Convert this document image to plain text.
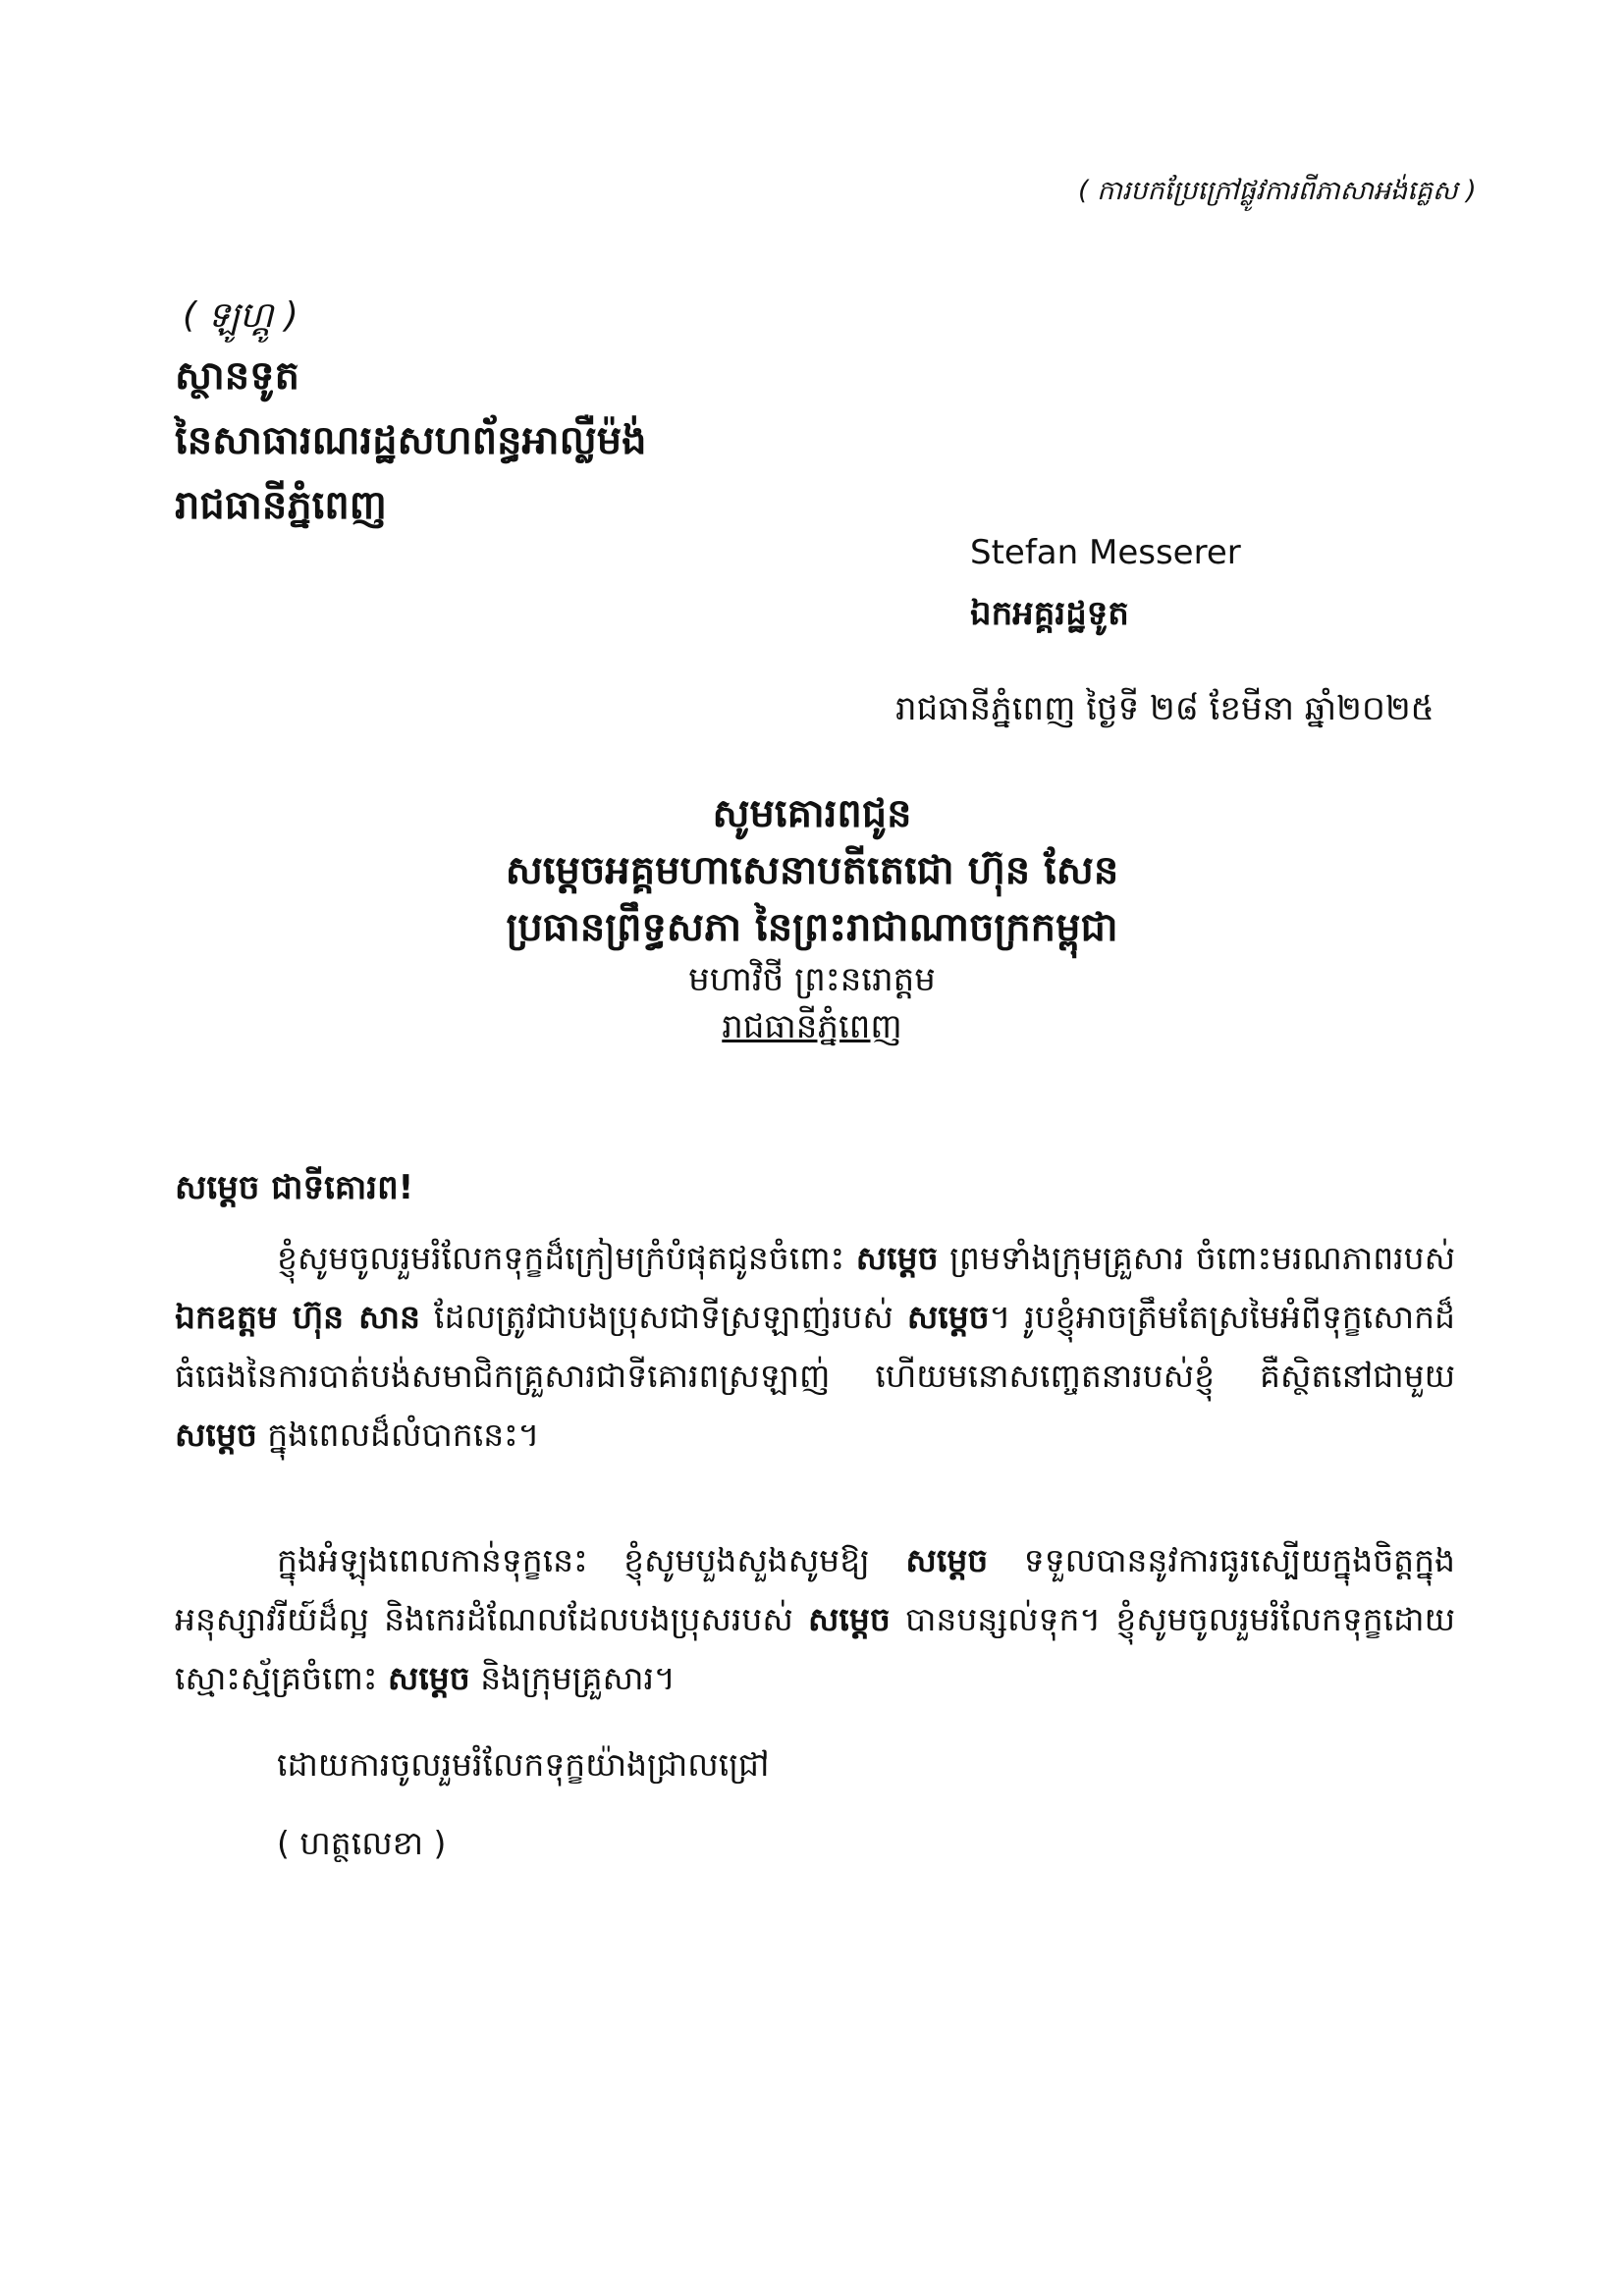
( ការបកប្រែក្រៅផ្លូវការពីភាសាអង់គ្លេស )
( ឡូហ្គូ )
ស្ថានទូត
នៃសាធារណរដ្ឋសហព័ន្ធអាល្លឺម៉ង់
រាជធានីភ្នំពេញ
Stefan Messerer
ឯកអគ្គរដ្ឋទូត
រាជធានីភ្នំពេញ ថ្ងៃទី ២៨ ខែមីនា ឆ្នាំ២០២៥
សូមគោរពជូន
សម្ដេចអគ្គមហាសេនាបតីតេជោ ហ៊ុន សែន
ប្រធានព្រឹទ្ធសភា នៃព្រះរាជាណាចក្រកម្ពុជា
មហាវិថី ព្រះនរោត្តម
រាជធានីភ្នំពេញ
សម្ដេច ជាទីគោរព!
ខ្ញុំសូមចូលរួមរំលែកទុក្ខដ៏ក្រៀមក្រំបំផុតជូនចំពោះ សម្ដេច ព្រមទាំងក្រុមគ្រួសារ ចំពោះមរណភាពរបស់ ឯកឧត្តម ហ៊ុន សាន ដែលត្រូវជាបងប្រុសជាទីស្រឡាញ់របស់ សម្ដេច។ រូបខ្ញុំអាចត្រឹមតែស្រមៃអំពីទុក្ខសោកដ៏ធំធេងនៃការបាត់បង់សមាជិកគ្រួសារជាទីគោរពស្រឡាញ់ ហើយមនោសញ្ចេតនារបស់ខ្ញុំ គឺស្ថិតនៅជាមួយ សម្ដេច ក្នុងពេលដ៏លំបាកនេះ។
ក្នុងអំឡុងពេលកាន់ទុក្ខនេះ ខ្ញុំសូមបួងសួងសូមឱ្យ សម្ដេច ទទួលបាននូវការធូរស្បើយក្នុងចិត្តក្នុងអនុស្សាវរីយ៍ដ៏ល្អ និងកេរដំណែលដែលបងប្រុសរបស់ សម្ដេច បានបន្សល់ទុក។ ខ្ញុំសូមចូលរួមរំលែកទុក្ខដោយស្មោះស្ម័គ្រចំពោះ សម្ដេច និងក្រុមគ្រួសារ។
ដោយការចូលរួមរំលែកទុក្ខយ៉ាងជ្រាលជ្រៅ
( ហត្ថលេខា )
